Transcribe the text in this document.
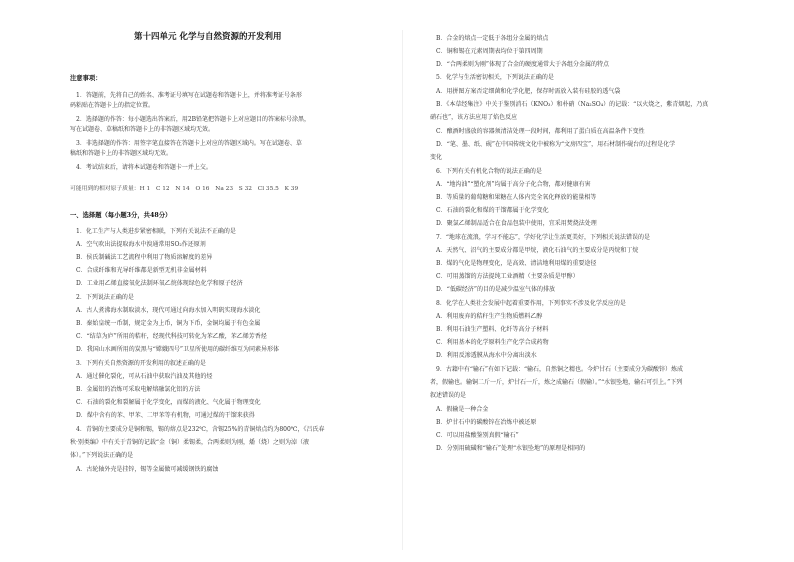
第十四单元 化学与自然资源的开发利用
注意事项：
　1．答题前，先将自己的姓名、准考证号填写在试题卷和答题卡上，并将准考证号条形
码粘贴在答题卡上的指定位置。
　2．选择题的作答：每小题选出答案后，用2B铅笔把答题卡上对应题目的答案标号涂黑，
写在试题卷、草稿纸和答题卡上的非答题区域均无效。
　3．非选择题的作答：用签字笔直接答在答题卡上对应的答题区域内。写在试题卷、草
稿纸和答题卡上的非答题区域均无效。
　4．考试结束后，请将本试题卷和答题卡一并上交。
可能用到的相对原子质量：H 1　C 12　N 14　O 16　Na 23　S 32　Cl 35.5　K 39
一、选择题（每小题3分，共48分）
　1．化工生产与人类进步紧密相联，下列有关说法不正确的是
　A．空气吹出法提取海水中溴通常用SO₂作还原剂
　B．侯氏制碱法工艺流程中利用了物质溶解度的差异
　C．合成纤维和光导纤维都是新型无机非金属材料
　D．工业用乙烯直接氧化法制环氧乙烷体现绿色化学和原子经济
　2．下列说法正确的是
　A．古人煮沸海水制取淡水，现代可通过向海水加入明矾实现海水淡化
　B．秦始皇统一币制，规定金为上币，铜为下币，金铜均属于有色金属
　C．“结草为庐”所用的秸秆，经现代科技可转化为苯乙酸，苯乙烯芳香烃
　D．我国山水画所用的炭黑与“嫦娥四号”卫星所使用的碳纤维互为同素异形体
　3．下列有关自然资源的开发利用的叙述正确的是
　A．通过催化裂化，可从石油中获取汽油及其他的烃
　B．金属铝的冶炼可采取电解熔融氯化铝的方法
　C．石油的裂化和裂解属于化学变化，而煤的液化、气化属于物理变化
　D．煤中含有的苯、甲苯、二甲苯等有机物，可通过煤的干馏来获得
　4．青铜的主要成分是铜和锡，锡的熔点是232℃，含锡25%的青铜熔点约为800℃，《吕氏春
秋·别类编》中有关于青铜的记载“金（铜）柔锡柔，合两柔则为刚，燔（烧）之则为淖（液
体）。”下列说法正确的是
　A．古轮轴外壳是挂锌，锡等金属做可减缓钢铁的腐蚀
　B．合金的熔点一定低于各组分金属的熔点
　C．铜和锡在元素周期表均位于第四周期
　D．“合两柔则为刚”体现了合金的硬度通常大于各组分金属的特点
　5．化学与生活密切相关，下列说法正确的是
　A．用拼图方案否定细菌和化学化肥，保存时需放入装有硅胶的透气袋
　B．《本草经集注》中关于鉴别消石（KNO₃）和朴硝（Na₂SO₄）的记载：“以火烧之，紫青烟起，乃真
硝石也”，该方法应用了焰色反应
　C．酿酒时盛放的容器须清洁处理一段时间，都利用了蛋白质在高温条件下变性
　D．“笔、墨、纸、砚”在中国传统文化中被称为“文房四宝”，用石材制作砚台的过程是化学
变化
　6．下列有关有机化合物的说法正确的是
　A．“地沟油”“塑化剂”均属于高分子化合物，都对健康有害
　B．等质量的葡萄糖和果糖在人体内完全氧化释放的能量相等
　C．石油的裂化和煤的干馏都属于化学变化
　D．聚氯乙烯制品适合在食品包装中使用，宜采用焚烧法处理
　7．“地球在流浪，学习不能忘”，学好化学让生活更美好，下列相关说法错误的是
　A．天然气、沼气的主要成分都是甲烷，液化石油气的主要成分是丙烷和丁烷
　B．煤的气化是物理变化，是高效、清洁地利用煤的重要途径
　C．可用蒸馏的方法提纯工业酒精（主要杂质是甲醇）
　D．“低碳经济”的目的是减少温室气体的排放
　8．化学在人类社会发展中起着重要作用，下列事实不涉及化学反应的是
　A．利用废弃的秸秆生产生物质燃料乙醇
　B．利用石油生产塑料、化纤等高分子材料
　C．利用基本的化学原料生产化学合成药物
　D．利用反渗透膜从海水中分离出淡水
　9．古籍中有“输石”有如下记载：“输石，自然铜之精也。今炉甘石（主要成分为碳酸锌）炼成
者，假输也。输铜二斤一斤，炉甘石一斤，炼之成输石（假输）。”“水银坠地，输石可引上。”下列
叙述错误的是
　A．假输是一种合金
　B．炉甘石中的碳酸锌在冶炼中被还原
　C．可以用盐酸鉴别真假“输石”
　D．分别用硫磺和“输石”处理“水银坠地”的原理是相同的
